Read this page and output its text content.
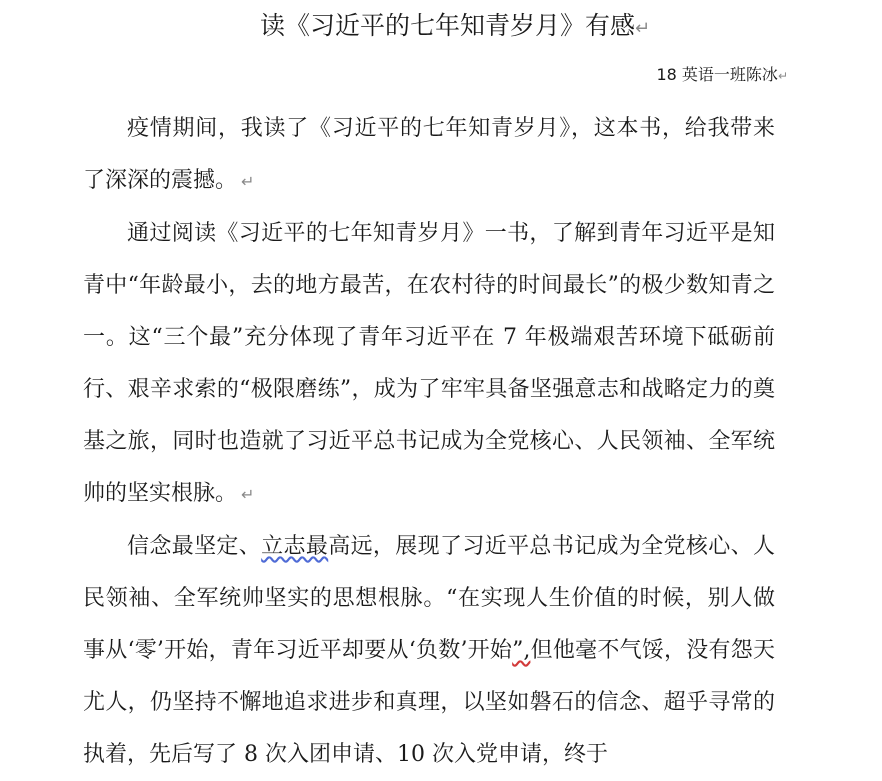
读《习近平的七年知青岁月》有感↵
18 英语一班陈冰↵

疫情期间，我读了《习近平的七年知青岁月》，这本书，给我带来了深深的震撼。 ↵

通过阅读《习近平的七年知青岁月》一书，了解到青年习近平是知青中“年龄最小，去的地方最苦，在农村待的时间最长”的极少数知青之一。这“三个最”充分体现了青年习近平在 7 年极端艰苦环境下砥砺前行、艰辛求索的“极限磨练”，成为了牢牢具备坚强意志和战略定力的奠基之旅，同时也造就了习近平总书记成为全党核心、人民领袖、全军统帅的坚实根脉。 ↵

信念最坚定、立志最高远，展现了习近平总书记成为全党核心、人民领袖、全军统帅坚实的思想根脉。“在实现人生价值的时候，别人做事从‘零’开始，青年习近平却要从‘负数’开始”,但他毫不气馁，没有怨天尤人，仍坚持不懈地追求进步和真理，以坚如磐石的信念、超乎寻常的执着，先后写了 8 次入团申请、10 次入党申请，终于
